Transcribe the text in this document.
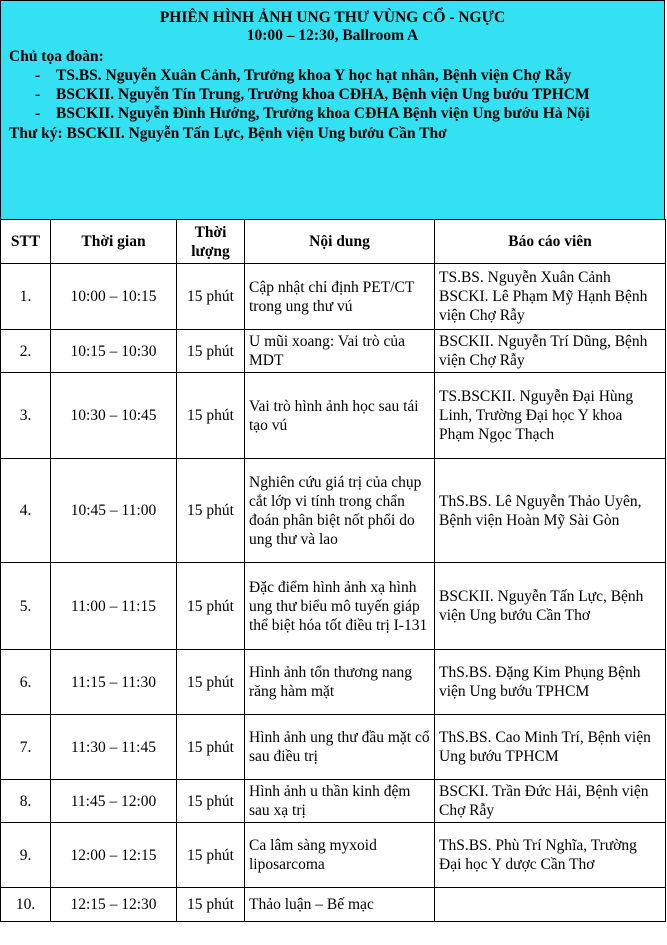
PHIÊN HÌNH ẢNH UNG THƯ VÙNG CỔ - NGỰC
10:00 – 12:30, Ballroom A
Chủ tọa đoàn:
- TS.BS. Nguyễn Xuân Cảnh, Trưởng khoa Y học hạt nhân, Bệnh viện Chợ Rẫy
- BSCKII. Nguyễn Tín Trung, Trưởng khoa CĐHA, Bệnh viện Ung bướu TPHCM
- BSCKII. Nguyễn Đình Hướng, Trưởng khoa CĐHA Bệnh viện Ung bướu Hà Nội
Thư ký: BSCKII. Nguyễn Tấn Lực, Bệnh viện Ung bướu Cần Thơ
STT	Thời gian	Thời lượng	Nội dung	Báo cáo viên
1.	10:00 – 10:15	15 phút	Cập nhật chỉ định PET/CT trong ung thư vú	TS.BS. Nguyễn Xuân Cảnh BSCKI. Lê Phạm Mỹ Hạnh Bệnh viện Chợ Rẫy
2.	10:15 – 10:30	15 phút	U mũi xoang: Vai trò của MDT	BSCKII. Nguyễn Trí Dũng, Bệnh viện Chợ Rẫy
3.	10:30 – 10:45	15 phút	Vai trò hình ảnh học sau tái tạo vú	TS.BSCKII. Nguyễn Đại Hùng Linh, Trường Đại học Y khoa Phạm Ngọc Thạch
4.	10:45 – 11:00	15 phút	Nghiên cứu giá trị của chụp cắt lớp vi tính trong chẩn đoán phân biệt nốt phổi do ung thư và lao	ThS.BS. Lê Nguyễn Thảo Uyên, Bệnh viện Hoàn Mỹ Sài Gòn
5.	11:00 – 11:15	15 phút	Đặc điểm hình ảnh xạ hình ung thư biểu mô tuyến giáp thể biệt hóa tốt điều trị I-131	BSCKII. Nguyễn Tấn Lực, Bệnh viện Ung bướu Cần Thơ
6.	11:15 – 11:30	15 phút	Hình ảnh tổn thương nang răng hàm mặt	ThS.BS. Đặng Kim Phụng Bệnh viện Ung bướu TPHCM
7.	11:30 – 11:45	15 phút	Hình ảnh ung thư đầu mặt cổ sau điều trị	ThS.BS. Cao Minh Trí, Bệnh viện Ung bướu TPHCM
8.	11:45 – 12:00	15 phút	Hình ảnh u thần kinh đệm sau xạ trị	BSCKI. Trần Đức Hải, Bệnh viện Chợ Rẫy
9.	12:00 – 12:15	15 phút	Ca lâm sàng myxoid liposarcoma	ThS.BS. Phù Trí Nghĩa, Trường Đại học Y dược Cần Thơ
10.	12:15 – 12:30	15 phút	Thảo luận – Bế mạc	
